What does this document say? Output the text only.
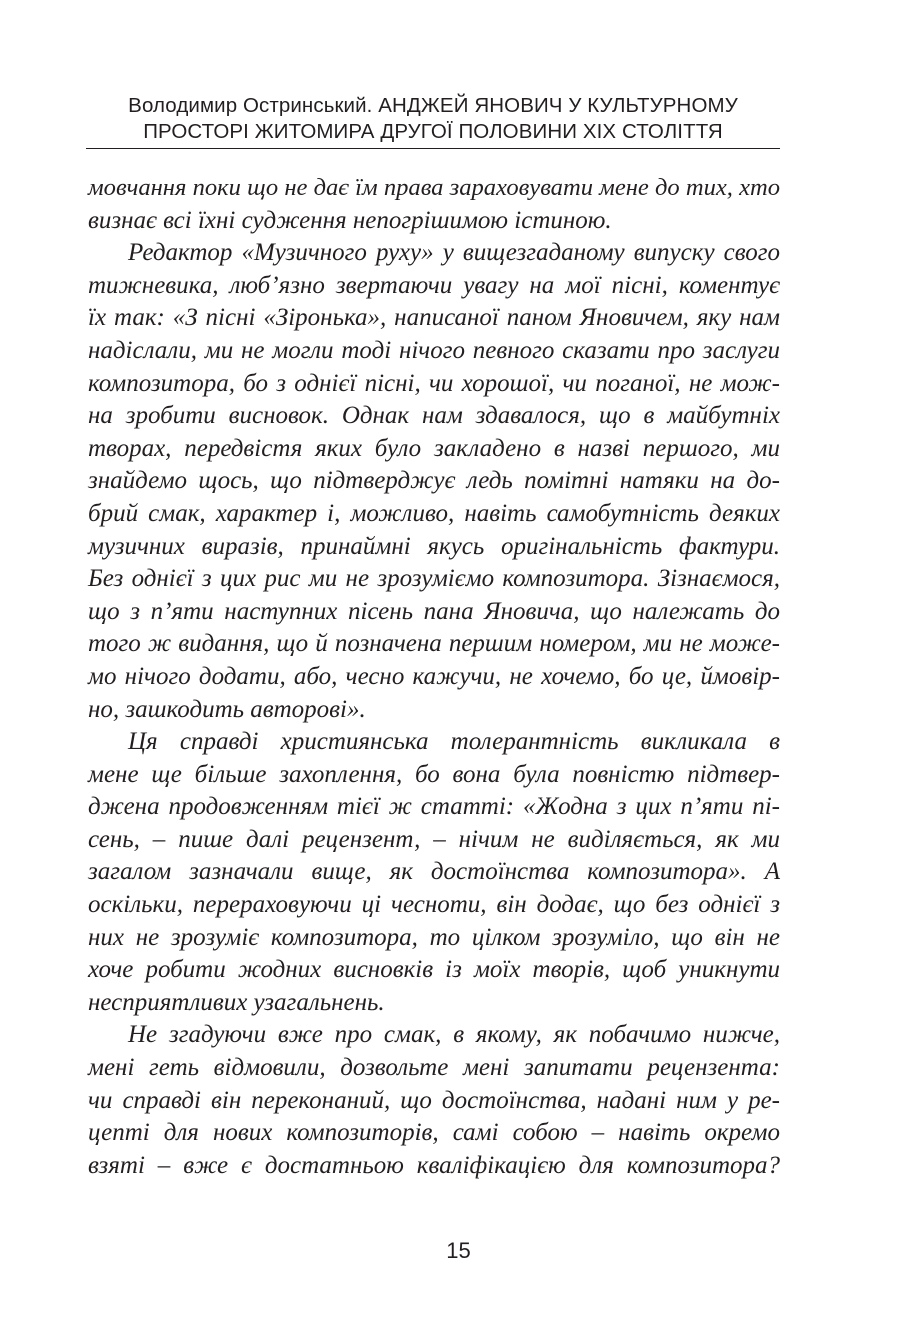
Володимир Остринський. АНДЖЕЙ ЯНОВИЧ У КУЛЬТУРНОМУ
ПРОСТОРІ ЖИТОМИРА ДРУГОЇ ПОЛОВИНИ ХІХ СТОЛІТТЯ

мовчання поки що не дає їм права зараховувати мене до тих, хто
визнає всі їхні судження непогрішимою істиною.

Редактор «Музичного руху» у вищезгаданому випуску свого
тижневика, люб’язно звертаючи увагу на мої пісні, коментує
їх так: «З пісні «Зіронька», написаної паном Яновичем, яку нам
надіслали, ми не могли тоді нічого певного сказати про заслуги
композитора, бо з однієї пісні, чи хорошої, чи поганої, не мож-
на зробити висновок. Однак нам здавалося, що в майбутніх
творах, передвістя яких було закладено в назві першого, ми
знайдемо щось, що підтверджує ледь помітні натяки на до-
брий смак, характер і, можливо, навіть самобутність деяких
музичних виразів, принаймні якусь оригінальність фактури.
Без однієї з цих рис ми не зрозуміємо композитора. Зізнаємося,
що з п’яти наступних пісень пана Яновича, що належать до
того ж видання, що й позначена першим номером, ми не може-
мо нічого додати, або, чесно кажучи, не хочемо, бо це, ймовір-
но, зашкодить авторові».

Ця справді християнська толерантність викликала в
мене ще більше захоплення, бо вона була повністю підтвер-
джена продовженням тієї ж статті: «Жодна з цих п’яти пі-
сень, – пише далі рецензент, – нічим не виділяється, як ми
загалом зазначали вище, як достоїнства композитора». А
оскільки, перераховуючи ці чесноти, він додає, що без однієї з
них не зрозуміє композитора, то цілком зрозуміло, що він не
хоче робити жодних висновків із моїх творів, щоб уникнути
несприятливих узагальнень.

Не згадуючи вже про смак, в якому, як побачимо нижче,
мені геть відмовили, дозвольте мені запитати рецензента:
чи справді він переконаний, що достоїнства, надані ним у ре-
цепті для нових композиторів, самі собою – навіть окремо
взяті – вже є достатньою кваліфікацією для композитора?

15
